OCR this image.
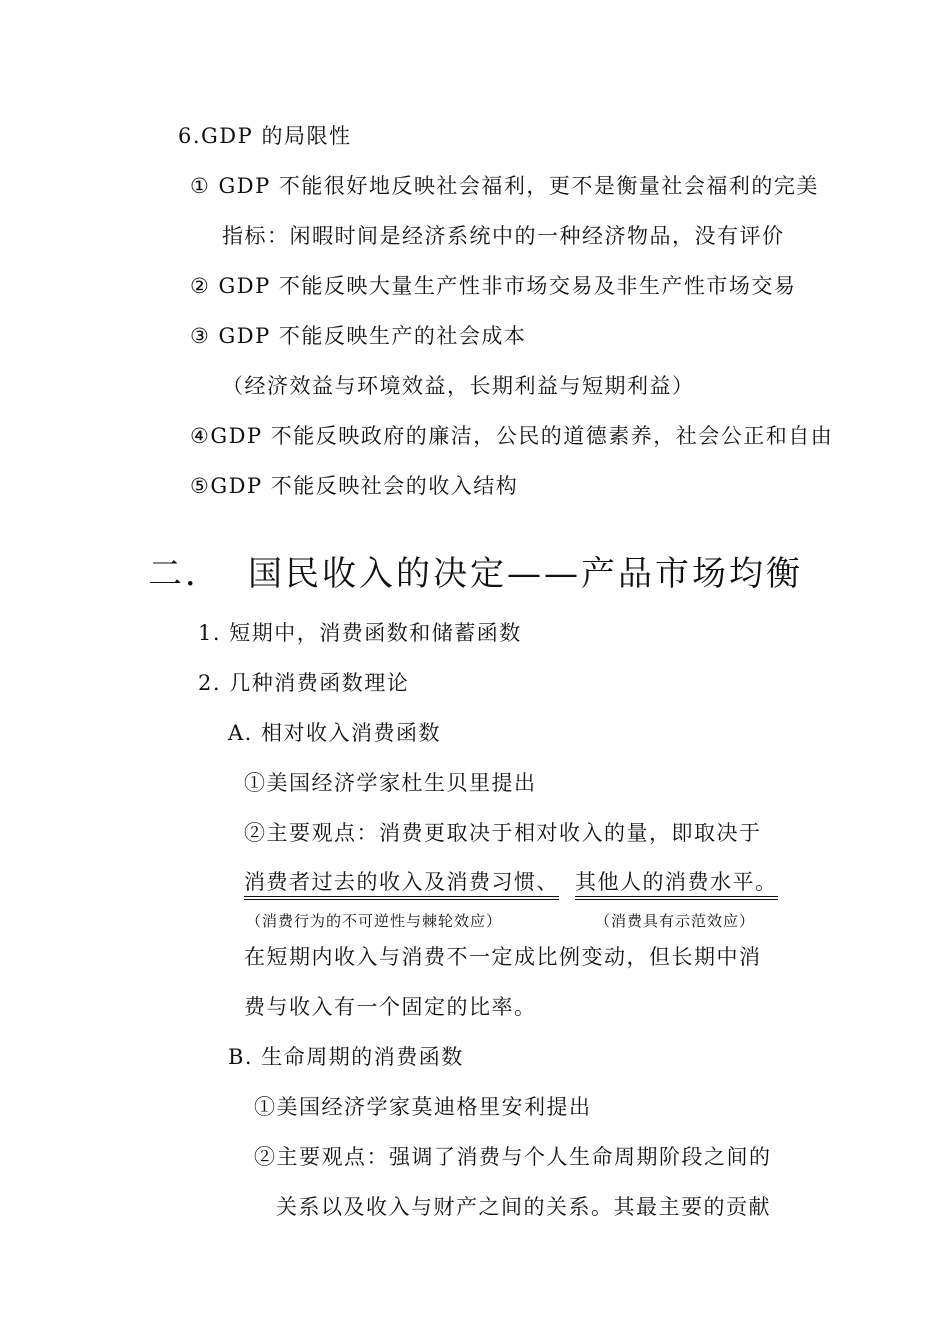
6.GDP 的局限性
① GDP 不能很好地反映社会福利，更不是衡量社会福利的完美
指标：闲暇时间是经济系统中的一种经济物品，没有评价
② GDP 不能反映大量生产性非市场交易及非生产性市场交易
③ GDP 不能反映生产的社会成本
（经济效益与环境效益，长期利益与短期利益）
④GDP 不能反映政府的廉洁，公民的道德素养，社会公正和自由
⑤GDP 不能反映社会的收入结构
二． 国民收入的决定——产品市场均衡
1. 短期中，消费函数和储蓄函数
2. 几种消费函数理论
A. 相对收入消费函数
①美国经济学家杜生贝里提出
②主要观点：消费更取决于相对收入的量，即取决于
消费者过去的收入及消费习惯、 其他人的消费水平。
（消费行为的不可逆性与棘轮效应）	（消费具有示范效应）
在短期内收入与消费不一定成比例变动，但长期中消
费与收入有一个固定的比率。
B. 生命周期的消费函数
①美国经济学家莫迪格里安利提出
②主要观点：强调了消费与个人生命周期阶段之间的
关系以及收入与财产之间的关系。其最主要的贡献
